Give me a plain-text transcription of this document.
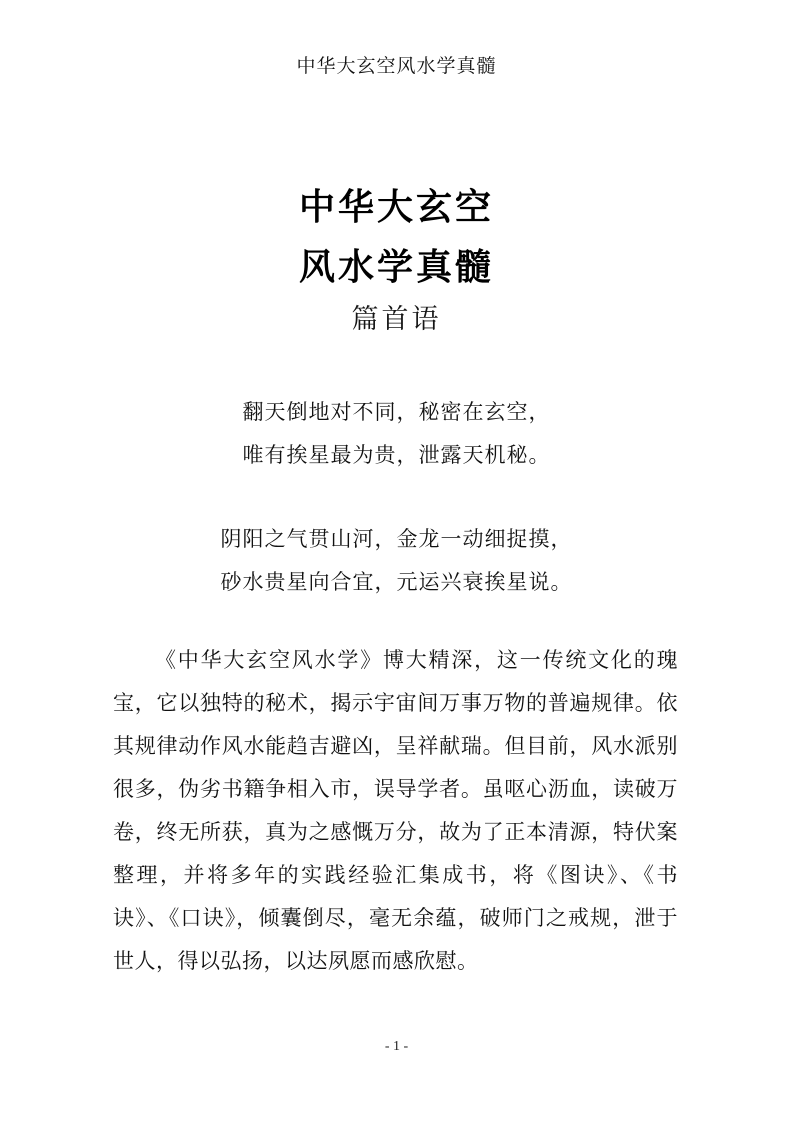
中华大玄空风水学真髓
中华大玄空
风水学真髓
篇首语
翻天倒地对不同，秘密在玄空，
唯有挨星最为贵，泄露天机秘。
阴阳之气贯山河，金龙一动细捉摸，
砂水贵星向合宜，元运兴衰挨星说。
《中华大玄空风水学》博大精深，这一传统文化的瑰宝，它以独特的秘术，揭示宇宙间万事万物的普遍规律。依其规律动作风水能趋吉避凶，呈祥献瑞。但目前，风水派别很多，伪劣书籍争相入市，误导学者。虽呕心沥血，读破万卷，终无所获，真为之感慨万分，故为了正本清源，特伏案整理，并将多年的实践经验汇集成书，将《图诀》、《书诀》、《口诀》，倾囊倒尽，毫无余蕴，破师门之戒规，泄于世人，得以弘扬，以达夙愿而感欣慰。
- 1 -
